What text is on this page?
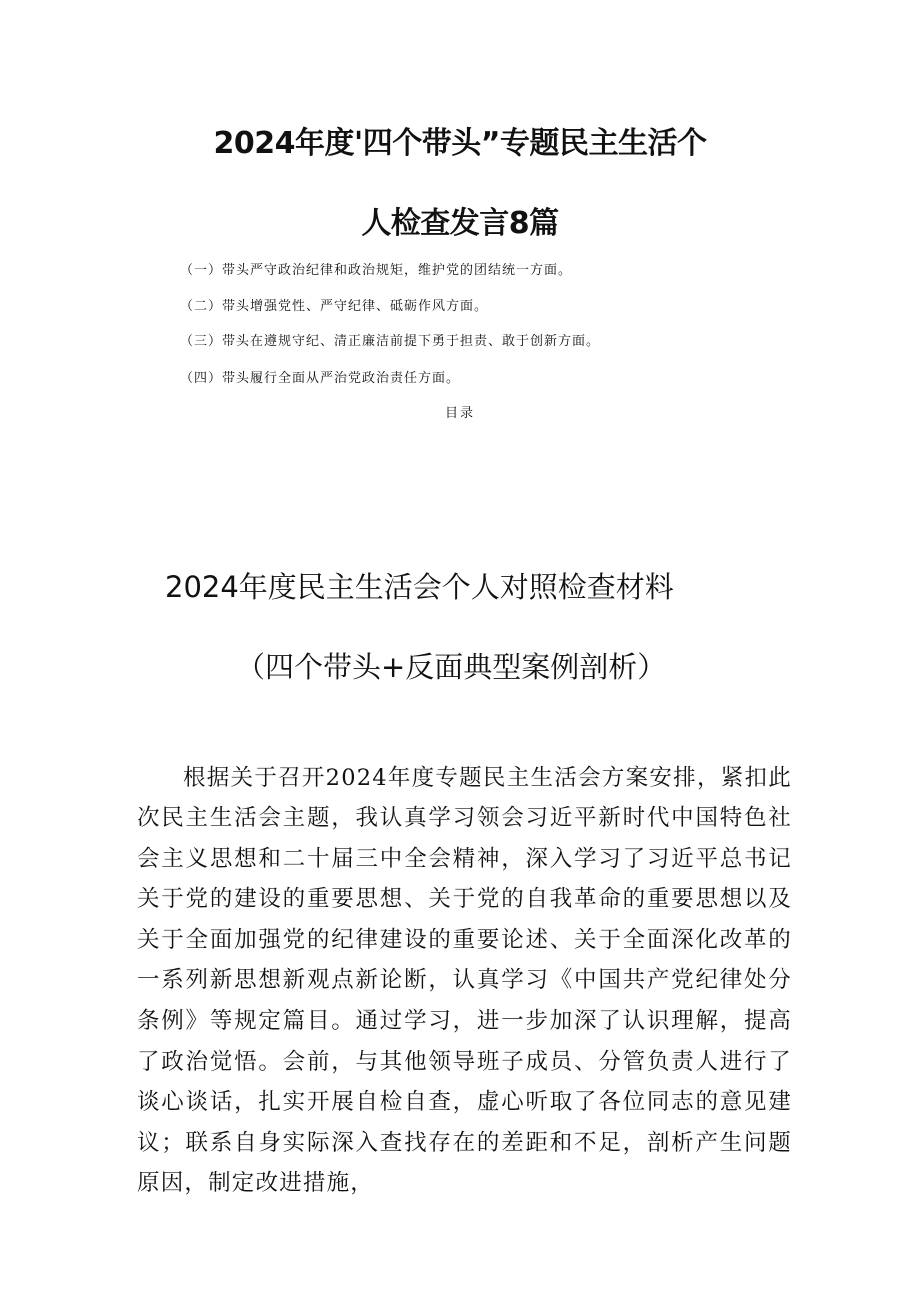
2024年度'四个带头”专题民主生活个
人检查发言8篇
（一）带头严守政治纪律和政治规矩，维护党的团结统一方面。
（二）带头增强党性、严守纪律、砥砺作风方面。
（三）带头在遵规守纪、清正廉洁前提下勇于担责、敢于创新方面。
（四）带头履行全面从严治党政治责任方面。
目录
2024年度民主生活会个人对照检查材料
（四个带头+反面典型案例剖析）

根据关于召开2024年度专题民主生活会方案安排，紧扣此次民主生活会主题，我认真学习领会习近平新时代中国特色社会主义思想和二十届三中全会精神，深入学习了习近平总书记关于党的建设的重要思想、关于党的自我革命的重要思想以及关于全面加强党的纪律建设的重要论述、关于全面深化改革的一系列新思想新观点新论断，认真学习《中国共产党纪律处分条例》等规定篇目。通过学习，进一步加深了认识理解，提高了政治觉悟。会前，与其他领导班子成员、分管负责人进行了谈心谈话，扎实开展自检自查，虚心听取了各位同志的意见建议；联系自身实际深入查找存在的差距和不足，剖析产生问题原因，制定改进措施，
